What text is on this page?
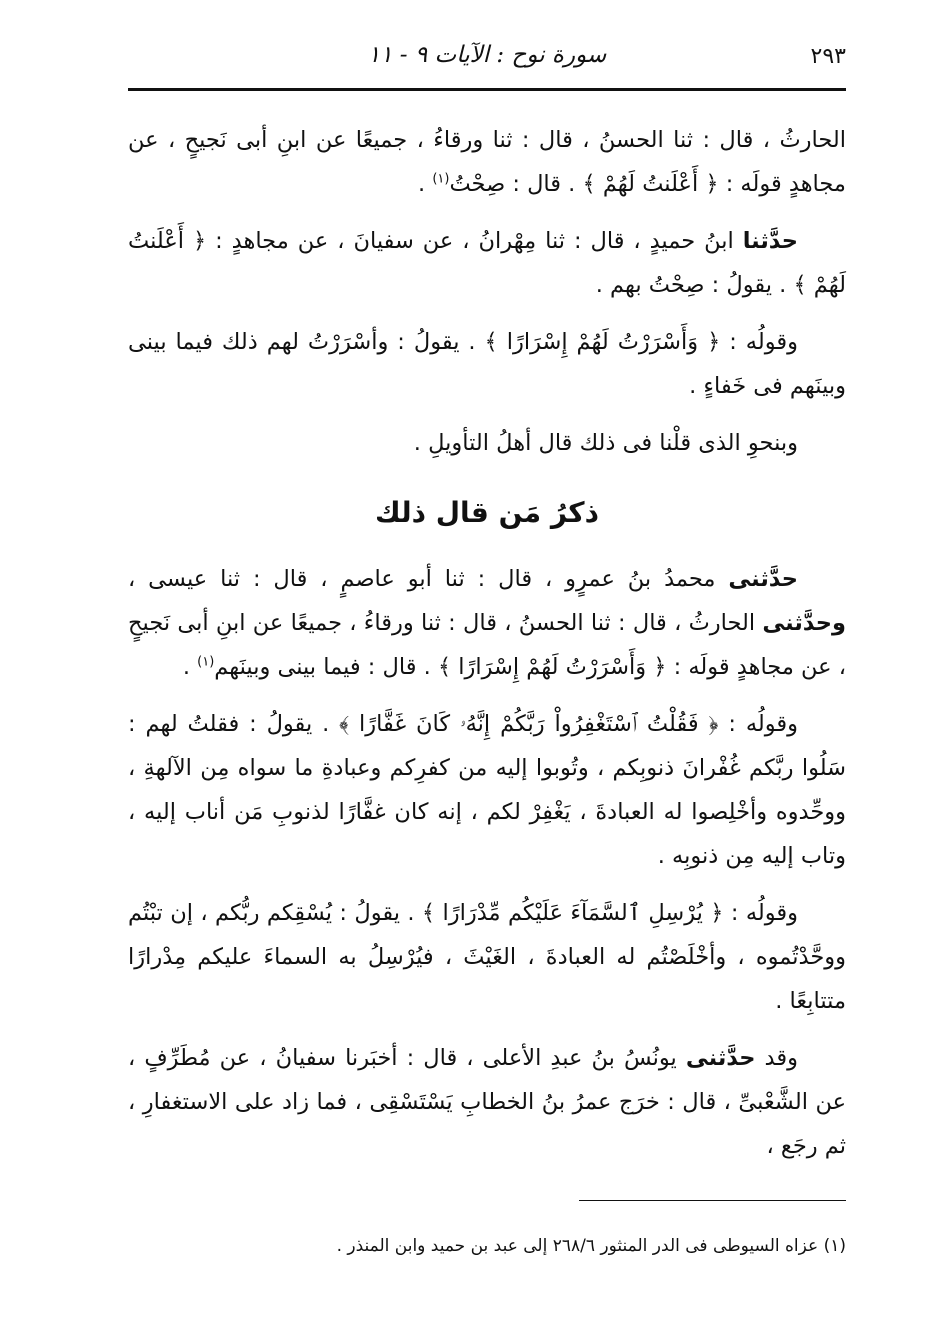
٢٩٣
سورة نوح : الآيات ٩ - ١١

الحارثُ ، قال : ثنا الحسنُ ، قال : ثنا ورقاءُ ، جميعًا عن ابنِ أبى نَجيحٍ ، عن مجاهدٍ قولَه : ﴿ أَعْلَنتُ لَهُمْ ﴾ . قال : صِحْتُ$^{(١)}$ .

حدَّثنا ابنُ حميدٍ ، قال : ثنا مِهْرانُ ، عن سفيانَ ، عن مجاهدٍ : ﴿ أَعْلَنتُ لَهُمْ ﴾ . يقولُ : صِحْتُ بهم .

وقولُه : ﴿ وَأَسْرَرْتُ لَهُمْ إِسْرَارًا ﴾ . يقولُ : وأسْرَرْتُ لهم ذلك فيما بينى وبينَهم فى خَفاءٍ .

وبنحوِ الذى قلْنا فى ذلك قال أهلُ التأويلِ .

ذكرُ مَن قال ذلك

حدَّثنى محمدُ بنُ عمرٍو ، قال : ثنا أبو عاصمٍ ، قال : ثنا عيسى ، وحدَّثنى الحارثُ ، قال : ثنا الحسنُ ، قال : ثنا ورقاءُ ، جميعًا عن ابنِ أبى نَجيحٍ ، عن مجاهدٍ قولَه : ﴿ وَأَسْرَرْتُ لَهُمْ إِسْرَارًا ﴾ . قال : فيما بينى وبينَهم$^{(١)}$ .

وقولُه : ﴿ فَقُلْتُ ٱسْتَغْفِرُواْ رَبَّكُمْ إِنَّهُۥ كَانَ غَفَّارًا ﴾ . يقولُ : فقلتُ لهم : سَلُوا ربَّكم غُفْرانَ ذنوبِكم ، وتُوبوا إليه من كفرِكم وعبادةِ ما سواه مِن الآلهةِ ، ووحِّدوه وأخْلِصوا له العبادةَ ، يَغْفِرْ لكم ، إنه كان غفَّارًا لذنوبِ مَن أناب إليه ، وتاب إليه مِن ذنوبِه .

وقولُه : ﴿ يُرْسِلِ ٱلسَّمَآءَ عَلَيْكُم مِّدْرَارًا ﴾ . يقولُ : يُسْقِكم ربُّكم ، إن تبْتُم ووحَّدْتُموه ، وأخْلَصْتُم له العبادةَ ، الغَيْثَ ، فيُرْسِلُ به السماءَ عليكم مِدْرارًا متتابِعًا .

وقد حدَّثنى يونُسُ بنُ عبدِ الأعلى ، قال : أخبَرنا سفيانُ ، عن مُطَرِّفٍ ، عن الشَّعْبىِّ ، قال : خرَج عمرُ بنُ الخطابِ يَسْتَسْقِى ، فما زاد على الاستغفارِ ، ثم رجَع ،

(١) عزاه السيوطى فى الدر المنثور ٢٦٨/٦ إلى عبد بن حميد وابن المنذر .
